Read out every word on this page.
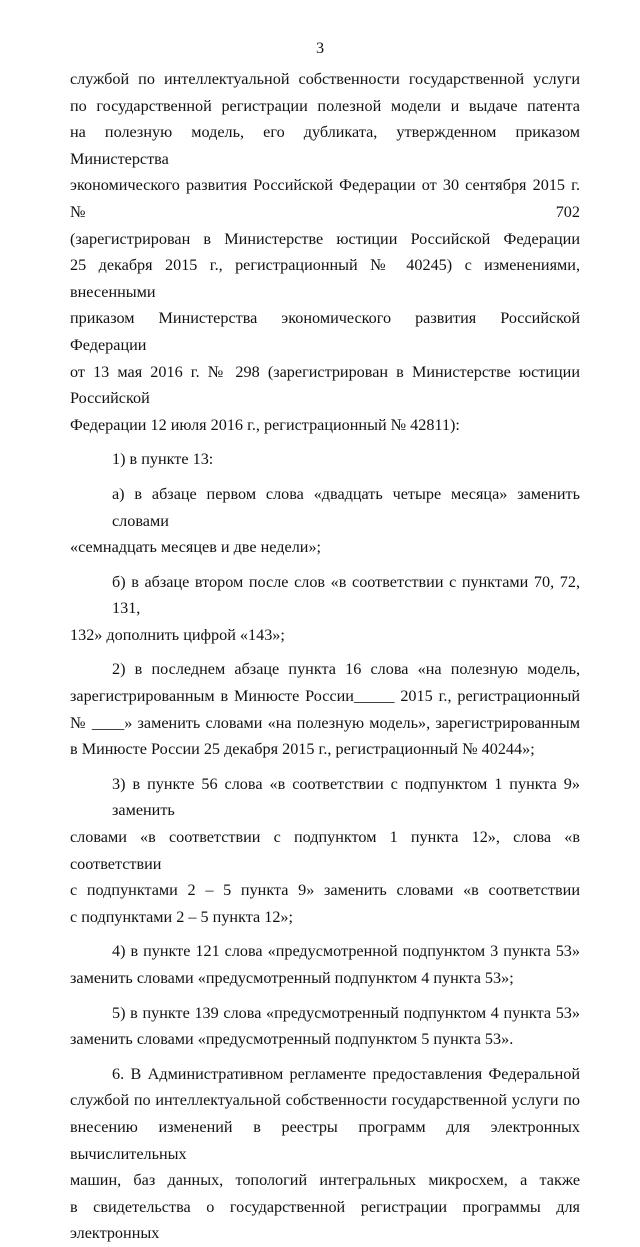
3

службой по интеллектуальной собственности государственной услуги
по государственной регистрации полезной модели и выдаче патента
на полезную модель, его дубликата, утвержденном приказом Министерства
экономического развития Российской Федерации от 30 сентября 2015 г. № 702
(зарегистрирован в Министерстве юстиции Российской Федерации
25 декабря 2015 г., регистрационный № 40245) с изменениями, внесенными
приказом Министерства экономического развития Российской Федерации
от 13 мая 2016 г. № 298 (зарегистрирован в Министерстве юстиции Российской
Федерации 12 июля 2016 г., регистрационный № 42811):

1) в пункте 13:

а) в абзаце первом слова «двадцать четыре месяца» заменить словами
«семнадцать месяцев и две недели»;

б) в абзаце втором после слов «в соответствии с пунктами 70, 72, 131,
132» дополнить цифрой «143»;

2) в последнем абзаце пункта 16 слова «на полезную модель,
зарегистрированным в Минюсте России_____ 2015 г., регистрационный
№ ____» заменить словами «на полезную модель», зарегистрированным
в Минюсте России 25 декабря 2015 г., регистрационный № 40244»;

3) в пункте 56 слова «в соответствии с подпунктом 1 пункта 9» заменить
словами «в соответствии с подпунктом 1 пункта 12», слова «в соответствии
с подпунктами 2 – 5 пункта 9» заменить словами «в соответствии
с подпунктами 2 – 5 пункта 12»;

4) в пункте 121 слова «предусмотренной подпунктом 3 пункта 53»
заменить словами «предусмотренный подпунктом 4 пункта 53»;

5) в пункте 139 слова «предусмотренный подпунктом 4 пункта 53»
заменить словами «предусмотренный подпунктом 5 пункта 53».

6. В Административном регламенте предоставления Федеральной
службой по интеллектуальной собственности государственной услуги по
внесению изменений в реестры программ для электронных вычислительных
машин, баз данных, топологий интегральных микросхем, а также
в свидетельства о государственной регистрации программы для электронных
